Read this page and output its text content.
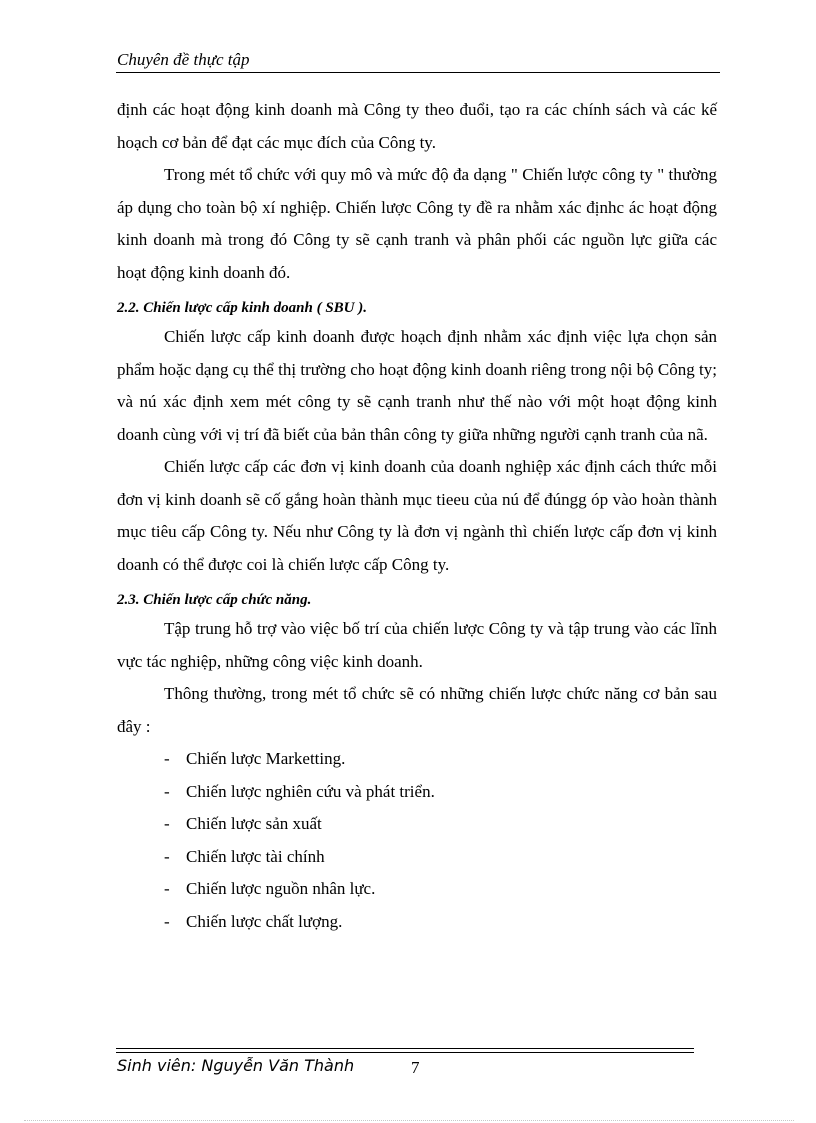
Chuyên đề thực tập

định các hoạt động kinh doanh mà Công ty theo đuổi, tạo ra các chính sách và các kế hoạch cơ bản để đạt các mục đích của Công ty.

Trong mét tổ chức với quy mô và mức độ đa dạng " Chiến lược công ty " thường áp dụng cho toàn bộ xí nghiệp. Chiến lược Công ty đề ra nhằm xác địnhc ác hoạt động kinh doanh mà trong đó Công ty sẽ cạnh tranh và phân phối các nguồn lực giữa các hoạt động kinh doanh đó.

2.2. Chiến lược cấp kinh doanh ( SBU ).

Chiến lược cấp kinh doanh được hoạch định nhằm xác định việc lựa chọn sản phẩm hoặc dạng cụ thể thị trường cho hoạt động kinh doanh riêng trong nội bộ Công ty; và nú xác định xem mét công ty sẽ cạnh tranh như thế nào với một hoạt động kinh doanh cùng với vị trí đã biết của bản thân công ty giữa những người cạnh tranh của nã.

Chiến lược cấp các đơn vị kinh doanh của doanh nghiệp xác định cách thức mỗi đơn vị kinh doanh sẽ cố gắng hoàn thành mục tieeu của nú để đúngg óp vào hoàn thành mục tiêu cấp Công ty. Nếu như Công ty là đơn vị ngành thì chiến lược cấp đơn vị kinh doanh có thể được coi là chiến lược cấp Công ty.

2.3. Chiến lược cấp chức năng.

Tập trung hỗ trợ vào việc bố trí của chiến lược Công ty và tập trung vào các lĩnh vực tác nghiệp, những công việc kinh doanh.

Thông thường, trong mét tổ chức sẽ có những chiến lược chức năng cơ bản sau đây :

- Chiến lược Marketting.
- Chiến lược nghiên cứu và phát triển.
- Chiến lược sản xuất
- Chiến lược tài chính
- Chiến lược nguồn nhân lực.
- Chiến lược chất lượng.
Sinh viên: Nguyễn Văn Thành	7
